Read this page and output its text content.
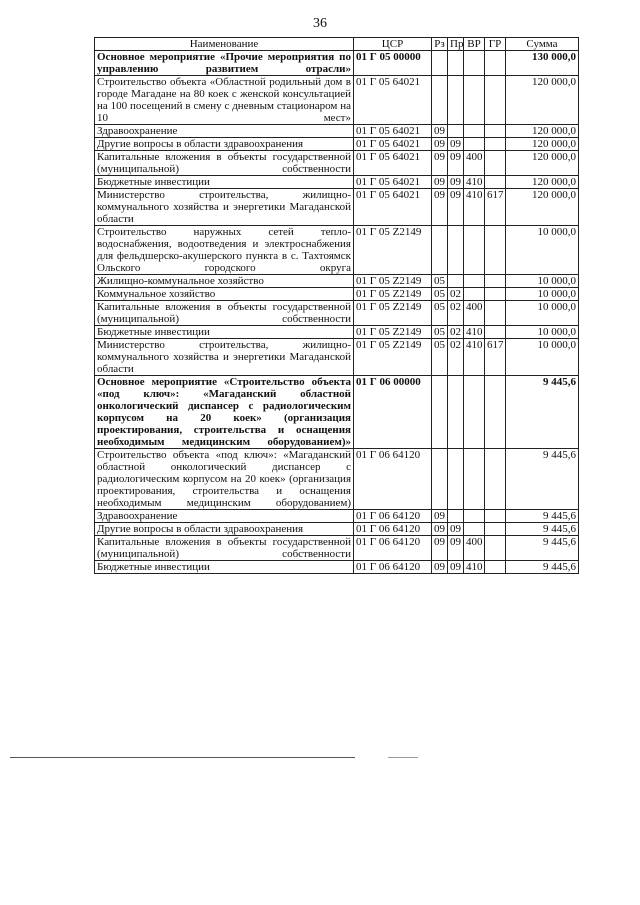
36
Наименование	ЦСР	Рз	Пр	ВР	ГР	Сумма
Основное мероприятие «Прочие мероприятия по управлению развитием отрасли»	01 Г 05 00000					130 000,0
Строительство объекта «Областной родильный дом в городе Магадане на 80 коек с женской консультацией на 100 посещений в смену с дневным стационаром на 10 мест»	01 Г 05 64021					120 000,0
Здравоохранение	01 Г 05 64021	09				120 000,0
Другие вопросы в области здравоохранения	01 Г 05 64021	09	09			120 000,0
Капитальные вложения в объекты государственной (муниципальной) собственности	01 Г 05 64021	09	09	400		120 000,0
Бюджетные инвестиции	01 Г 05 64021	09	09	410		120 000,0
Министерство строительства, жилищно-коммунального хозяйства и энергетики Магаданской области	01 Г 05 64021	09	09	410	617	120 000,0
Строительство наружных сетей тепло-водоснабжения, водоотведения и электроснабжения для фельдшерско-акушерского пункта в с. Тахтоямск Ольского городского округа	01 Г 05 Z2149					10 000,0
Жилищно-коммунальное хозяйство	01 Г 05 Z2149	05				10 000,0
Коммунальное хозяйство	01 Г 05 Z2149	05	02			10 000,0
Капитальные вложения в объекты государственной (муниципальной) собственности	01 Г 05 Z2149	05	02	400		10 000,0
Бюджетные инвестиции	01 Г 05 Z2149	05	02	410		10 000,0
Министерство строительства, жилищно-коммунального хозяйства и энергетики Магаданской области	01 Г 05 Z2149	05	02	410	617	10 000,0
Основное мероприятие «Строительство объекта «под ключ»: «Магаданский областной онкологический диспансер с радиологическим корпусом на 20 коек» (организация проектирования, строительства и оснащения необходимым медицинским оборудованием)»	01 Г 06 00000					9 445,6
Строительство объекта «под ключ»: «Магаданский областной онкологический диспансер с радиологическим корпусом на 20 коек» (организация проектирования, строительства и оснащения необходимым медицинским оборудованием)	01 Г 06 64120					9 445,6
Здравоохранение	01 Г 06 64120	09				9 445,6
Другие вопросы в области здравоохранения	01 Г 06 64120	09	09			9 445,6
Капитальные вложения в объекты государственной (муниципальной) собственности	01 Г 06 64120	09	09	400		9 445,6
Бюджетные инвестиции	01 Г 06 64120	09	09	410		9 445,6
